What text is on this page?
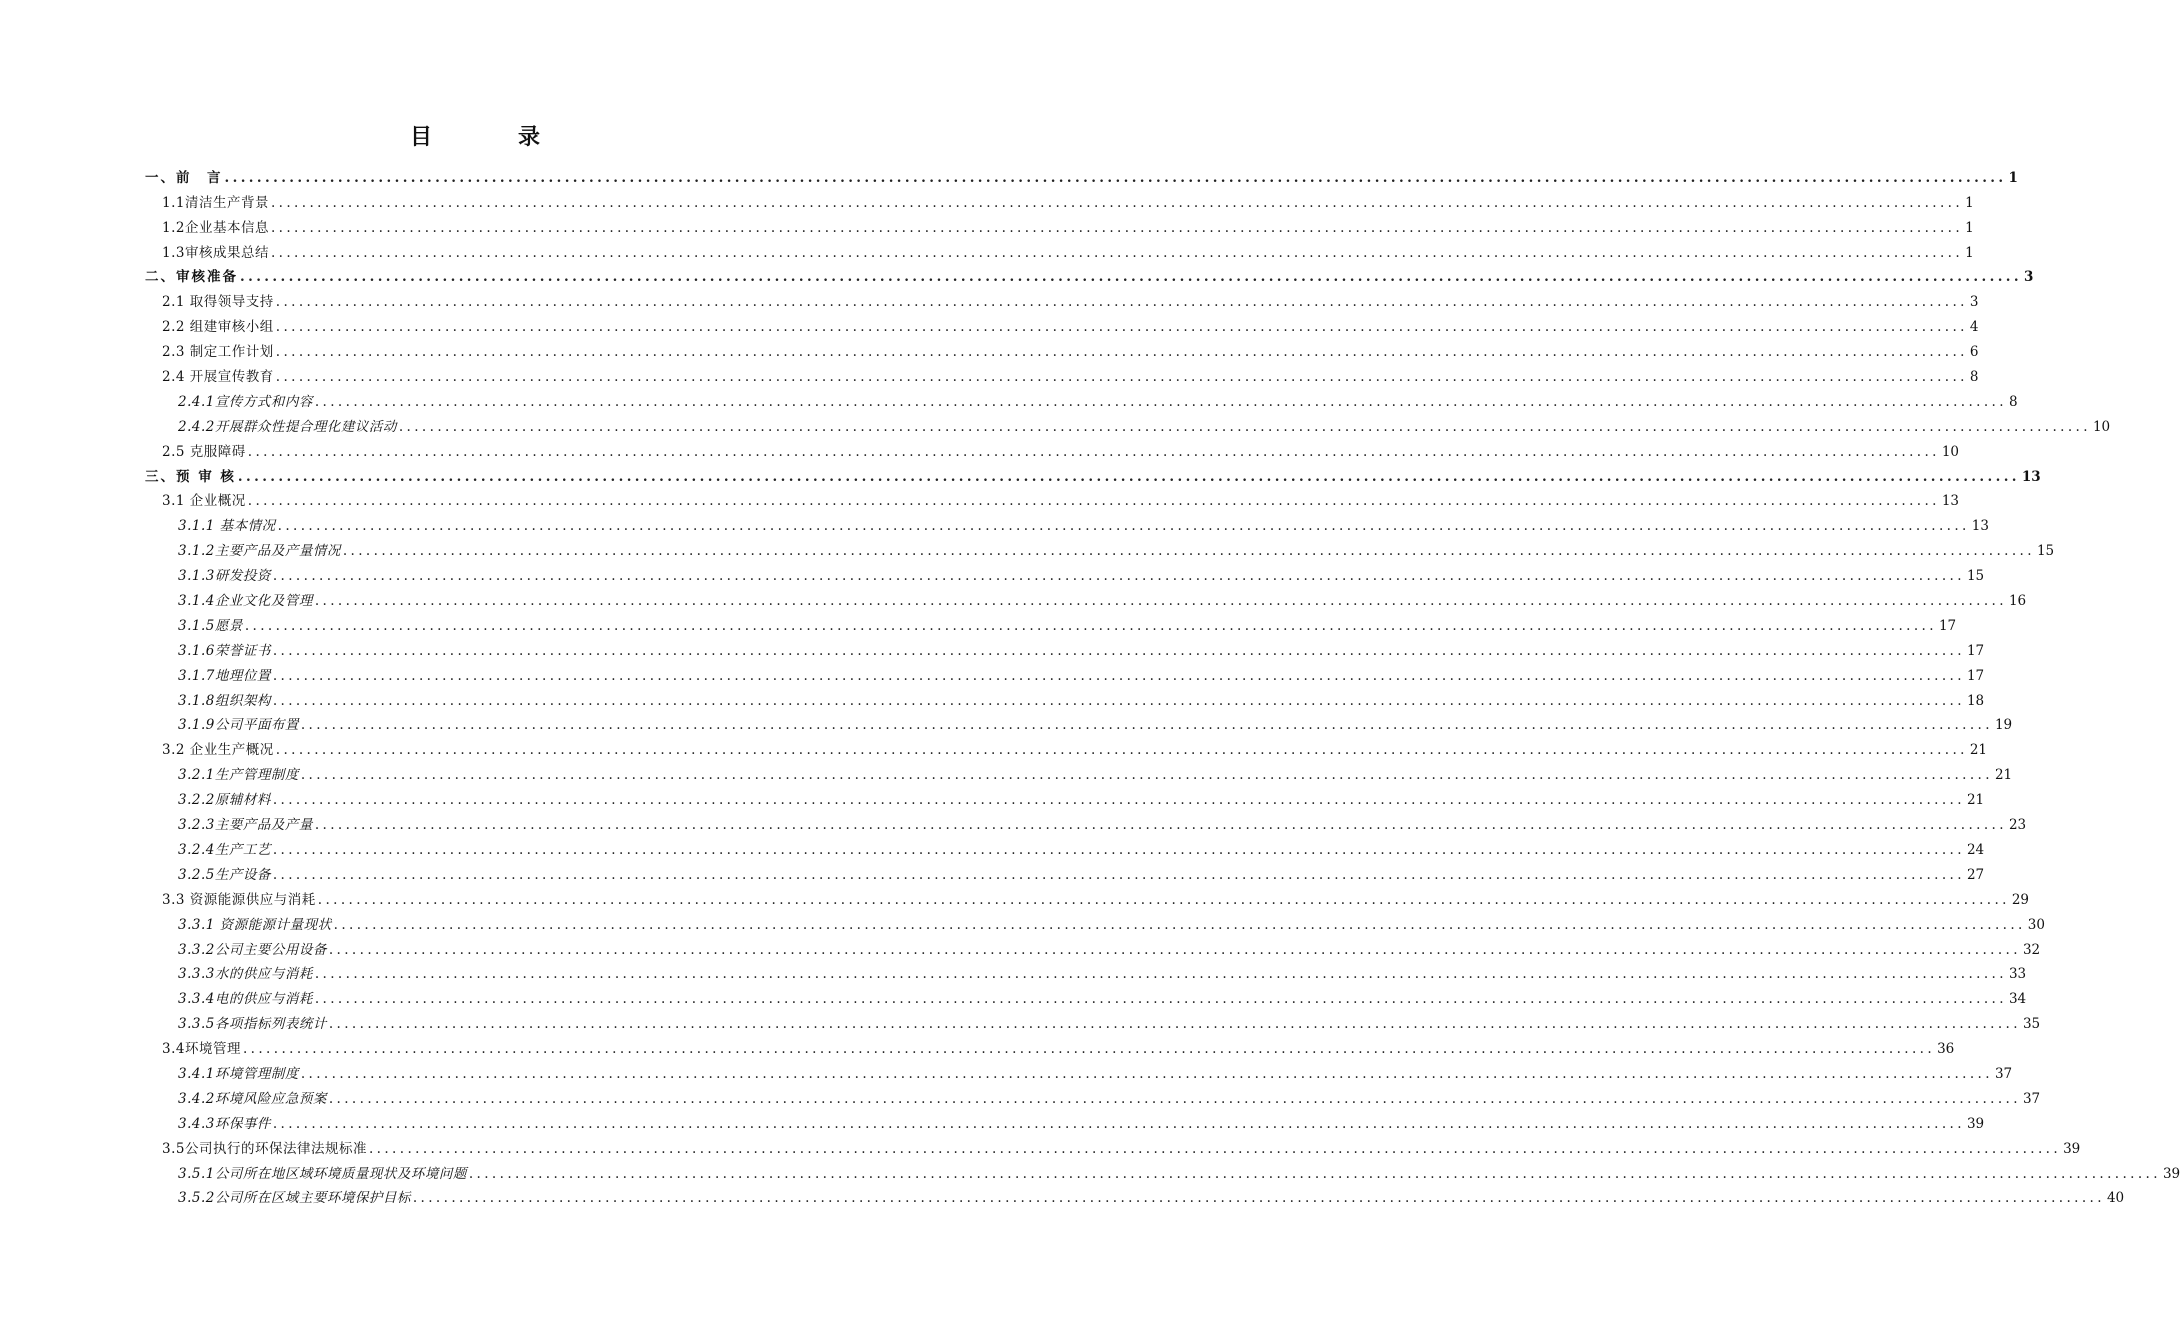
目　录
一、前　言 ............................................................................................................................................................................................................................ 1
1.1清洁生产背景 ............................................................................................................................................................................................................................ 1
1.2企业基本信息 ............................................................................................................................................................................................................................ 1
1.3审核成果总结 ............................................................................................................................................................................................................................ 1
二、审核准备 ............................................................................................................................................................................................................................ 3
2.1 取得领导支持 ............................................................................................................................................................................................................................ 3
2.2 组建审核小组 ............................................................................................................................................................................................................................ 4
2.3 制定工作计划 ............................................................................................................................................................................................................................ 6
2.4 开展宣传教育 ............................................................................................................................................................................................................................ 8
2.4.1宣传方式和内容 ............................................................................................................................................................................................................................ 8
2.4.2开展群众性提合理化建议活动 ............................................................................................................................................................................................................................ 10
2.5 克服障碍 ............................................................................................................................................................................................................................ 10
三、预 审 核 ............................................................................................................................................................................................................................ 13
3.1 企业概况 ............................................................................................................................................................................................................................ 13
3.1.1 基本情况 ............................................................................................................................................................................................................................ 13
3.1.2主要产品及产量情况 ............................................................................................................................................................................................................................ 15
3.1.3研发投资 ............................................................................................................................................................................................................................ 15
3.1.4企业文化及管理 ............................................................................................................................................................................................................................ 16
3.1.5愿景 ............................................................................................................................................................................................................................ 17
3.1.6荣誉证书 ............................................................................................................................................................................................................................ 17
3.1.7地理位置 ............................................................................................................................................................................................................................ 17
3.1.8组织架构 ............................................................................................................................................................................................................................ 18
3.1.9公司平面布置 ............................................................................................................................................................................................................................ 19
3.2 企业生产概况 ............................................................................................................................................................................................................................ 21
3.2.1生产管理制度 ............................................................................................................................................................................................................................ 21
3.2.2原辅材料 ............................................................................................................................................................................................................................ 21
3.2.3主要产品及产量 ............................................................................................................................................................................................................................ 23
3.2.4生产工艺 ............................................................................................................................................................................................................................ 24
3.2.5生产设备 ............................................................................................................................................................................................................................ 27
3.3 资源能源供应与消耗 ............................................................................................................................................................................................................................ 29
3.3.1 资源能源计量现状 ............................................................................................................................................................................................................................ 30
3.3.2公司主要公用设备 ............................................................................................................................................................................................................................ 32
3.3.3水的供应与消耗 ............................................................................................................................................................................................................................ 33
3.3.4电的供应与消耗 ............................................................................................................................................................................................................................ 34
3.3.5各项指标列表统计 ............................................................................................................................................................................................................................ 35
3.4环境管理 ............................................................................................................................................................................................................................ 36
3.4.1环境管理制度 ............................................................................................................................................................................................................................ 37
3.4.2环境风险应急预案 ............................................................................................................................................................................................................................ 37
3.4.3环保事件 ............................................................................................................................................................................................................................ 39
3.5公司执行的环保法律法规标准 ............................................................................................................................................................................................................................ 39
3.5.1公司所在地区域环境质量现状及环境问题 ............................................................................................................................................................................................................................ 39
3.5.2公司所在区域主要环境保护目标 ............................................................................................................................................................................................................................ 40
